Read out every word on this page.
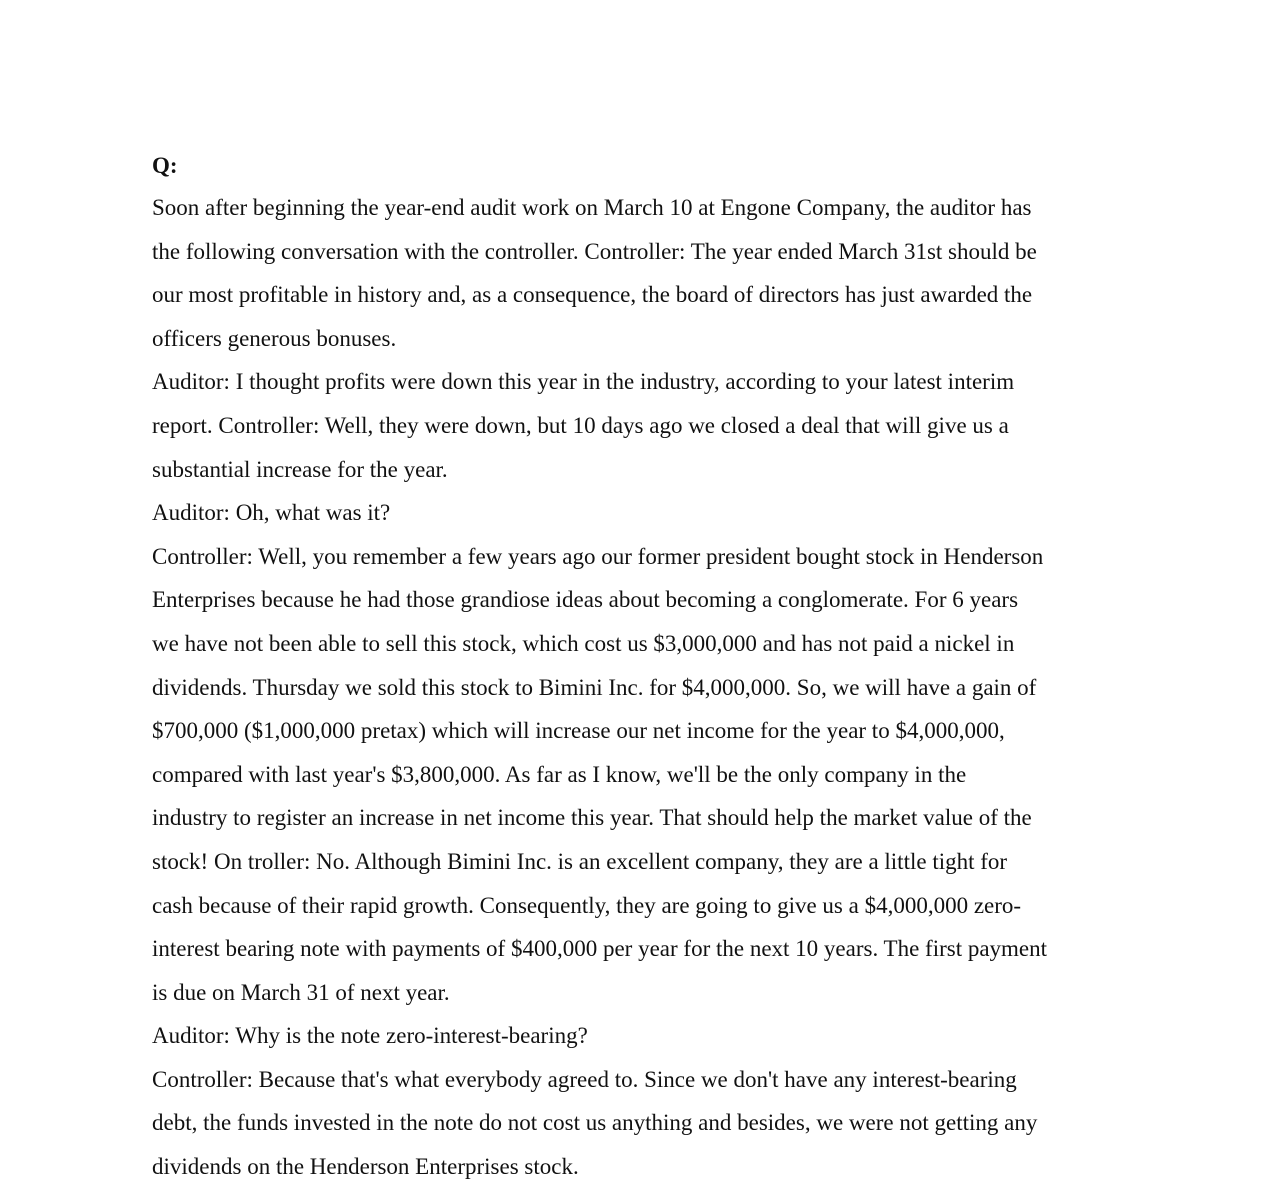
Q:

Soon after beginning the year-end audit work on March 10 at Engone Company, the auditor has
the following conversation with the controller. Controller: The year ended March 31st should be
our most profitable in history and, as a consequence, the board of directors has just awarded the
officers generous bonuses.

Auditor: I thought profits were down this year in the industry, according to your latest interim
report. Controller: Well, they were down, but 10 days ago we closed a deal that will give us a
substantial increase for the year.

Auditor: Oh, what was it?

Controller: Well, you remember a few years ago our former president bought stock in Henderson
Enterprises because he had those grandiose ideas about becoming a conglomerate. For 6 years
we have not been able to sell this stock, which cost us $3,000,000 and has not paid a nickel in
dividends. Thursday we sold this stock to Bimini Inc. for $4,000,000. So, we will have a gain of
$700,000 ($1,000,000 pretax) which will increase our net income for the year to $4,000,000,
compared with last year's $3,800,000. As far as I know, we'll be the only company in the
industry to register an increase in net income this year. That should help the market value of the
stock! On troller: No. Although Bimini Inc. is an excellent company, they are a little tight for
cash because of their rapid growth. Consequently, they are going to give us a $4,000,000 zero-
interest bearing note with payments of $400,000 per year for the next 10 years. The first payment
is due on March 31 of next year.

Auditor: Why is the note zero-interest-bearing?

Controller: Because that's what everybody agreed to. Since we don't have any interest-bearing
debt, the funds invested in the note do not cost us anything and besides, we were not getting any
dividends on the Henderson Enterprises stock.
